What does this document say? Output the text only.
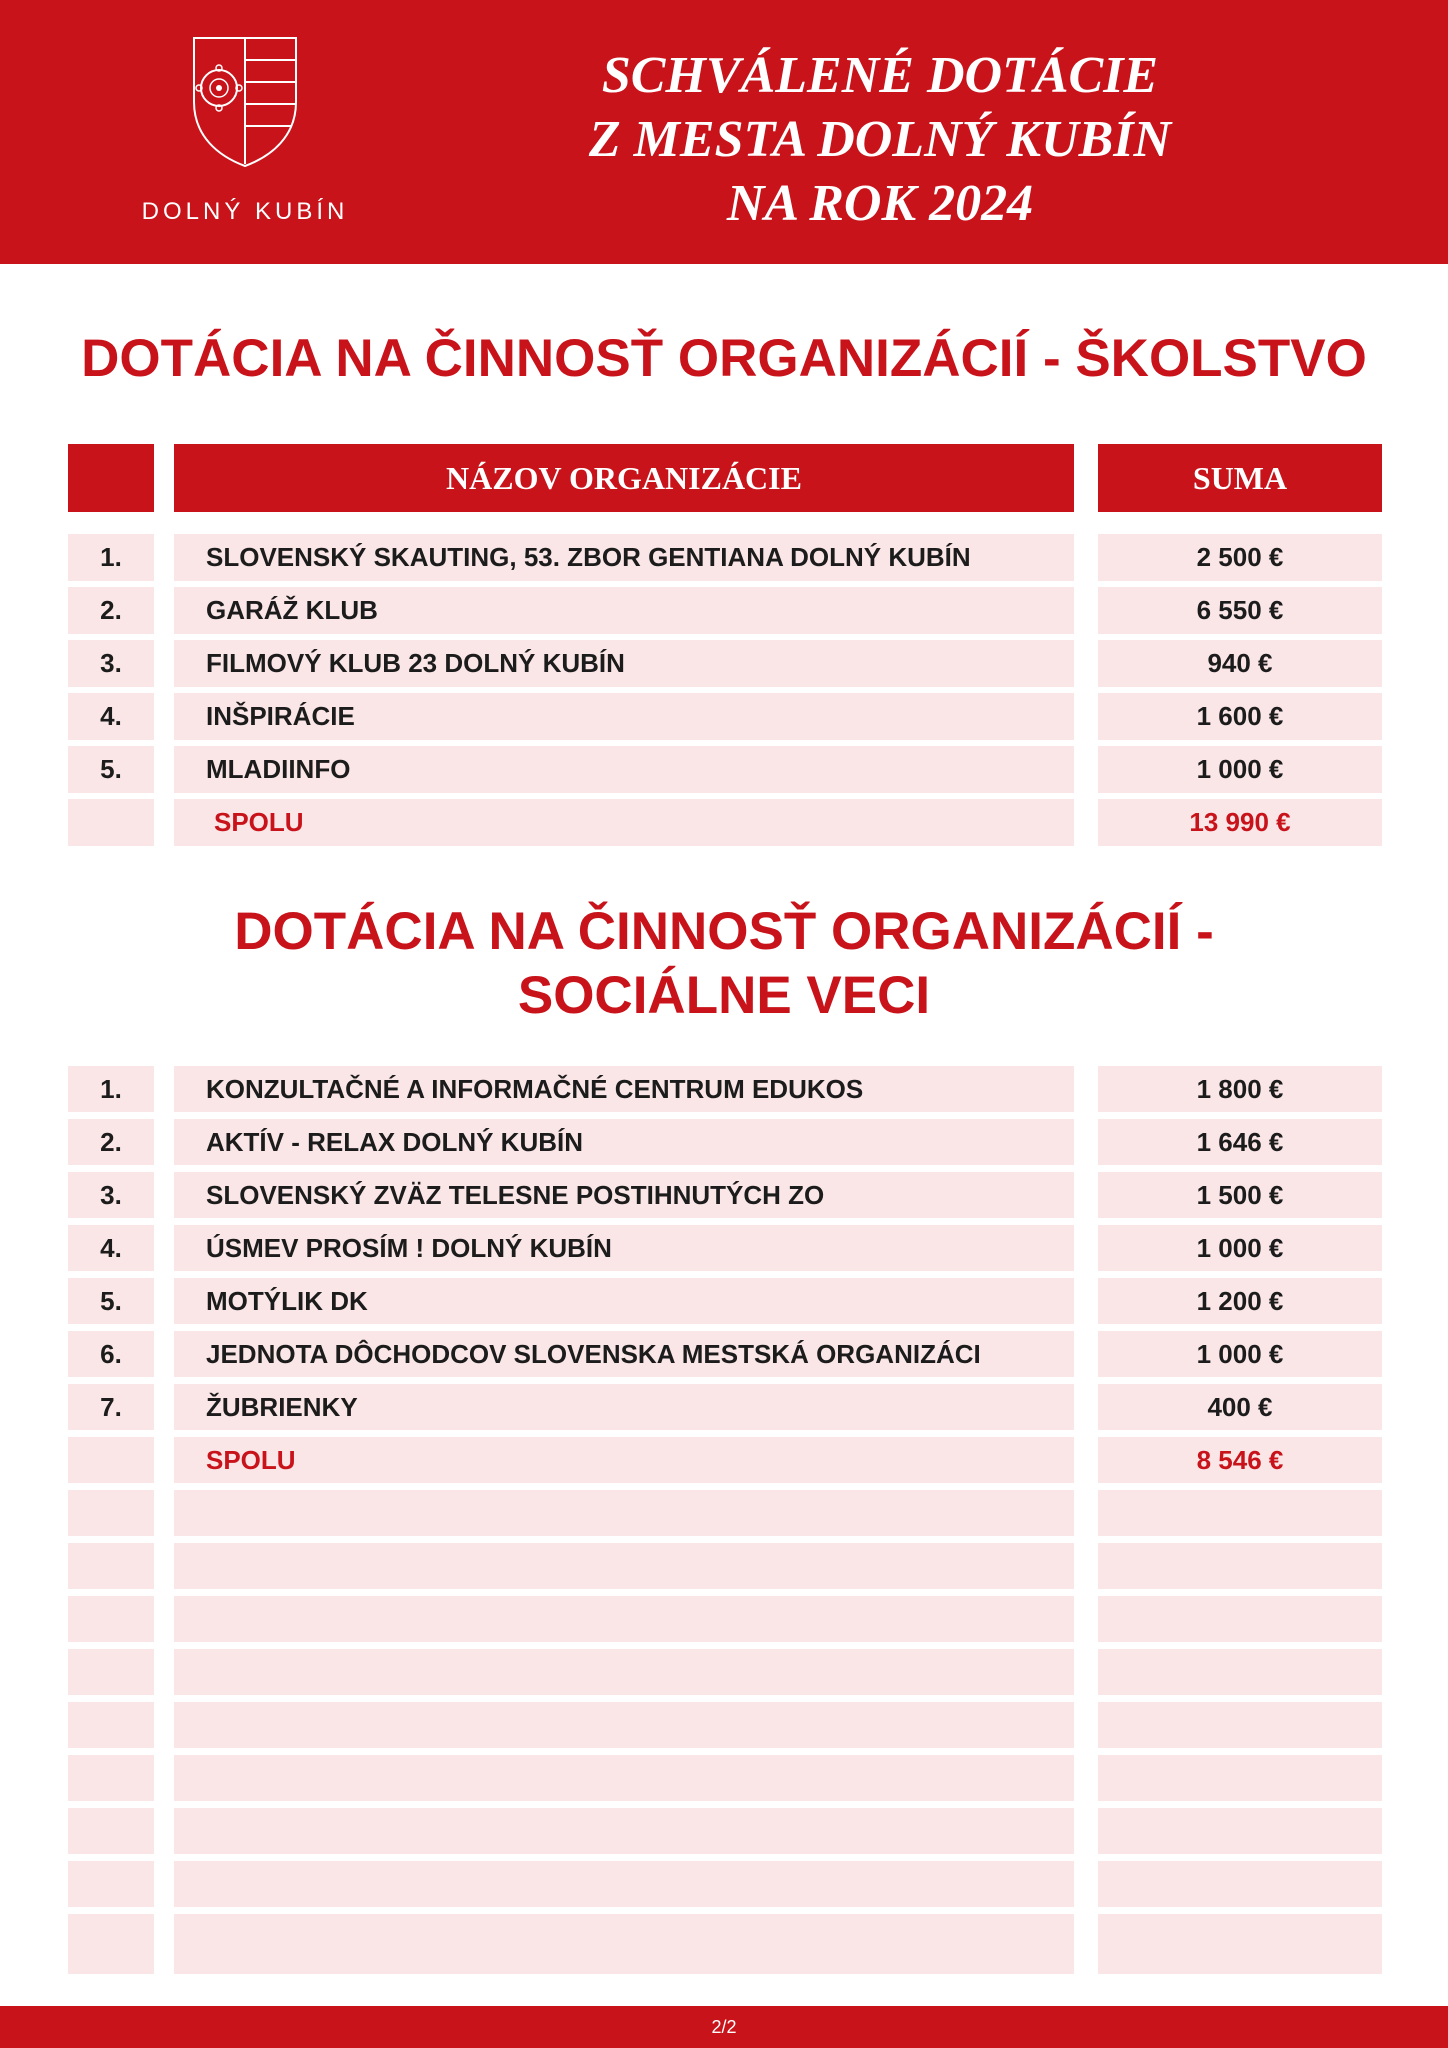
DOLNÝ KUBÍN
SCHVÁLENÉ DOTÁCIE
Z MESTA DOLNÝ KUBÍN
NA ROK 2024
DOTÁCIA NA ČINNOSŤ ORGANIZÁCIÍ - ŠKOLSTVO
NÁZOV ORGANIZÁCIE	SUMA
1.	SLOVENSKÝ SKAUTING, 53. ZBOR GENTIANA DOLNÝ KUBÍN	2 500 €
2.	GARÁŽ KLUB	6 550 €
3.	FILMOVÝ KLUB 23 DOLNÝ KUBÍN	940 €
4.	INŠPIRÁCIE	1 600 €
5.	MLADIINFO	1 000 €
SPOLU	13 990 €
DOTÁCIA NA ČINNOSŤ ORGANIZÁCIÍ -
SOCIÁLNE VECI
1.	KONZULTAČNÉ A INFORMAČNÉ CENTRUM EDUKOS	1 800 €
2.	AKTÍV - RELAX DOLNÝ KUBÍN	1 646 €
3.	SLOVENSKÝ ZVÄZ TELESNE POSTIHNUTÝCH ZO	1 500 €
4.	ÚSMEV PROSÍM ! DOLNÝ KUBÍN	1 000 €
5.	MOTÝLIK DK	1 200 €
6.	JEDNOTA DÔCHODCOV SLOVENSKA MESTSKÁ ORGANIZÁCI	1 000 €
7.	ŽUBRIENKY	400 €
SPOLU	8 546 €
2/2
